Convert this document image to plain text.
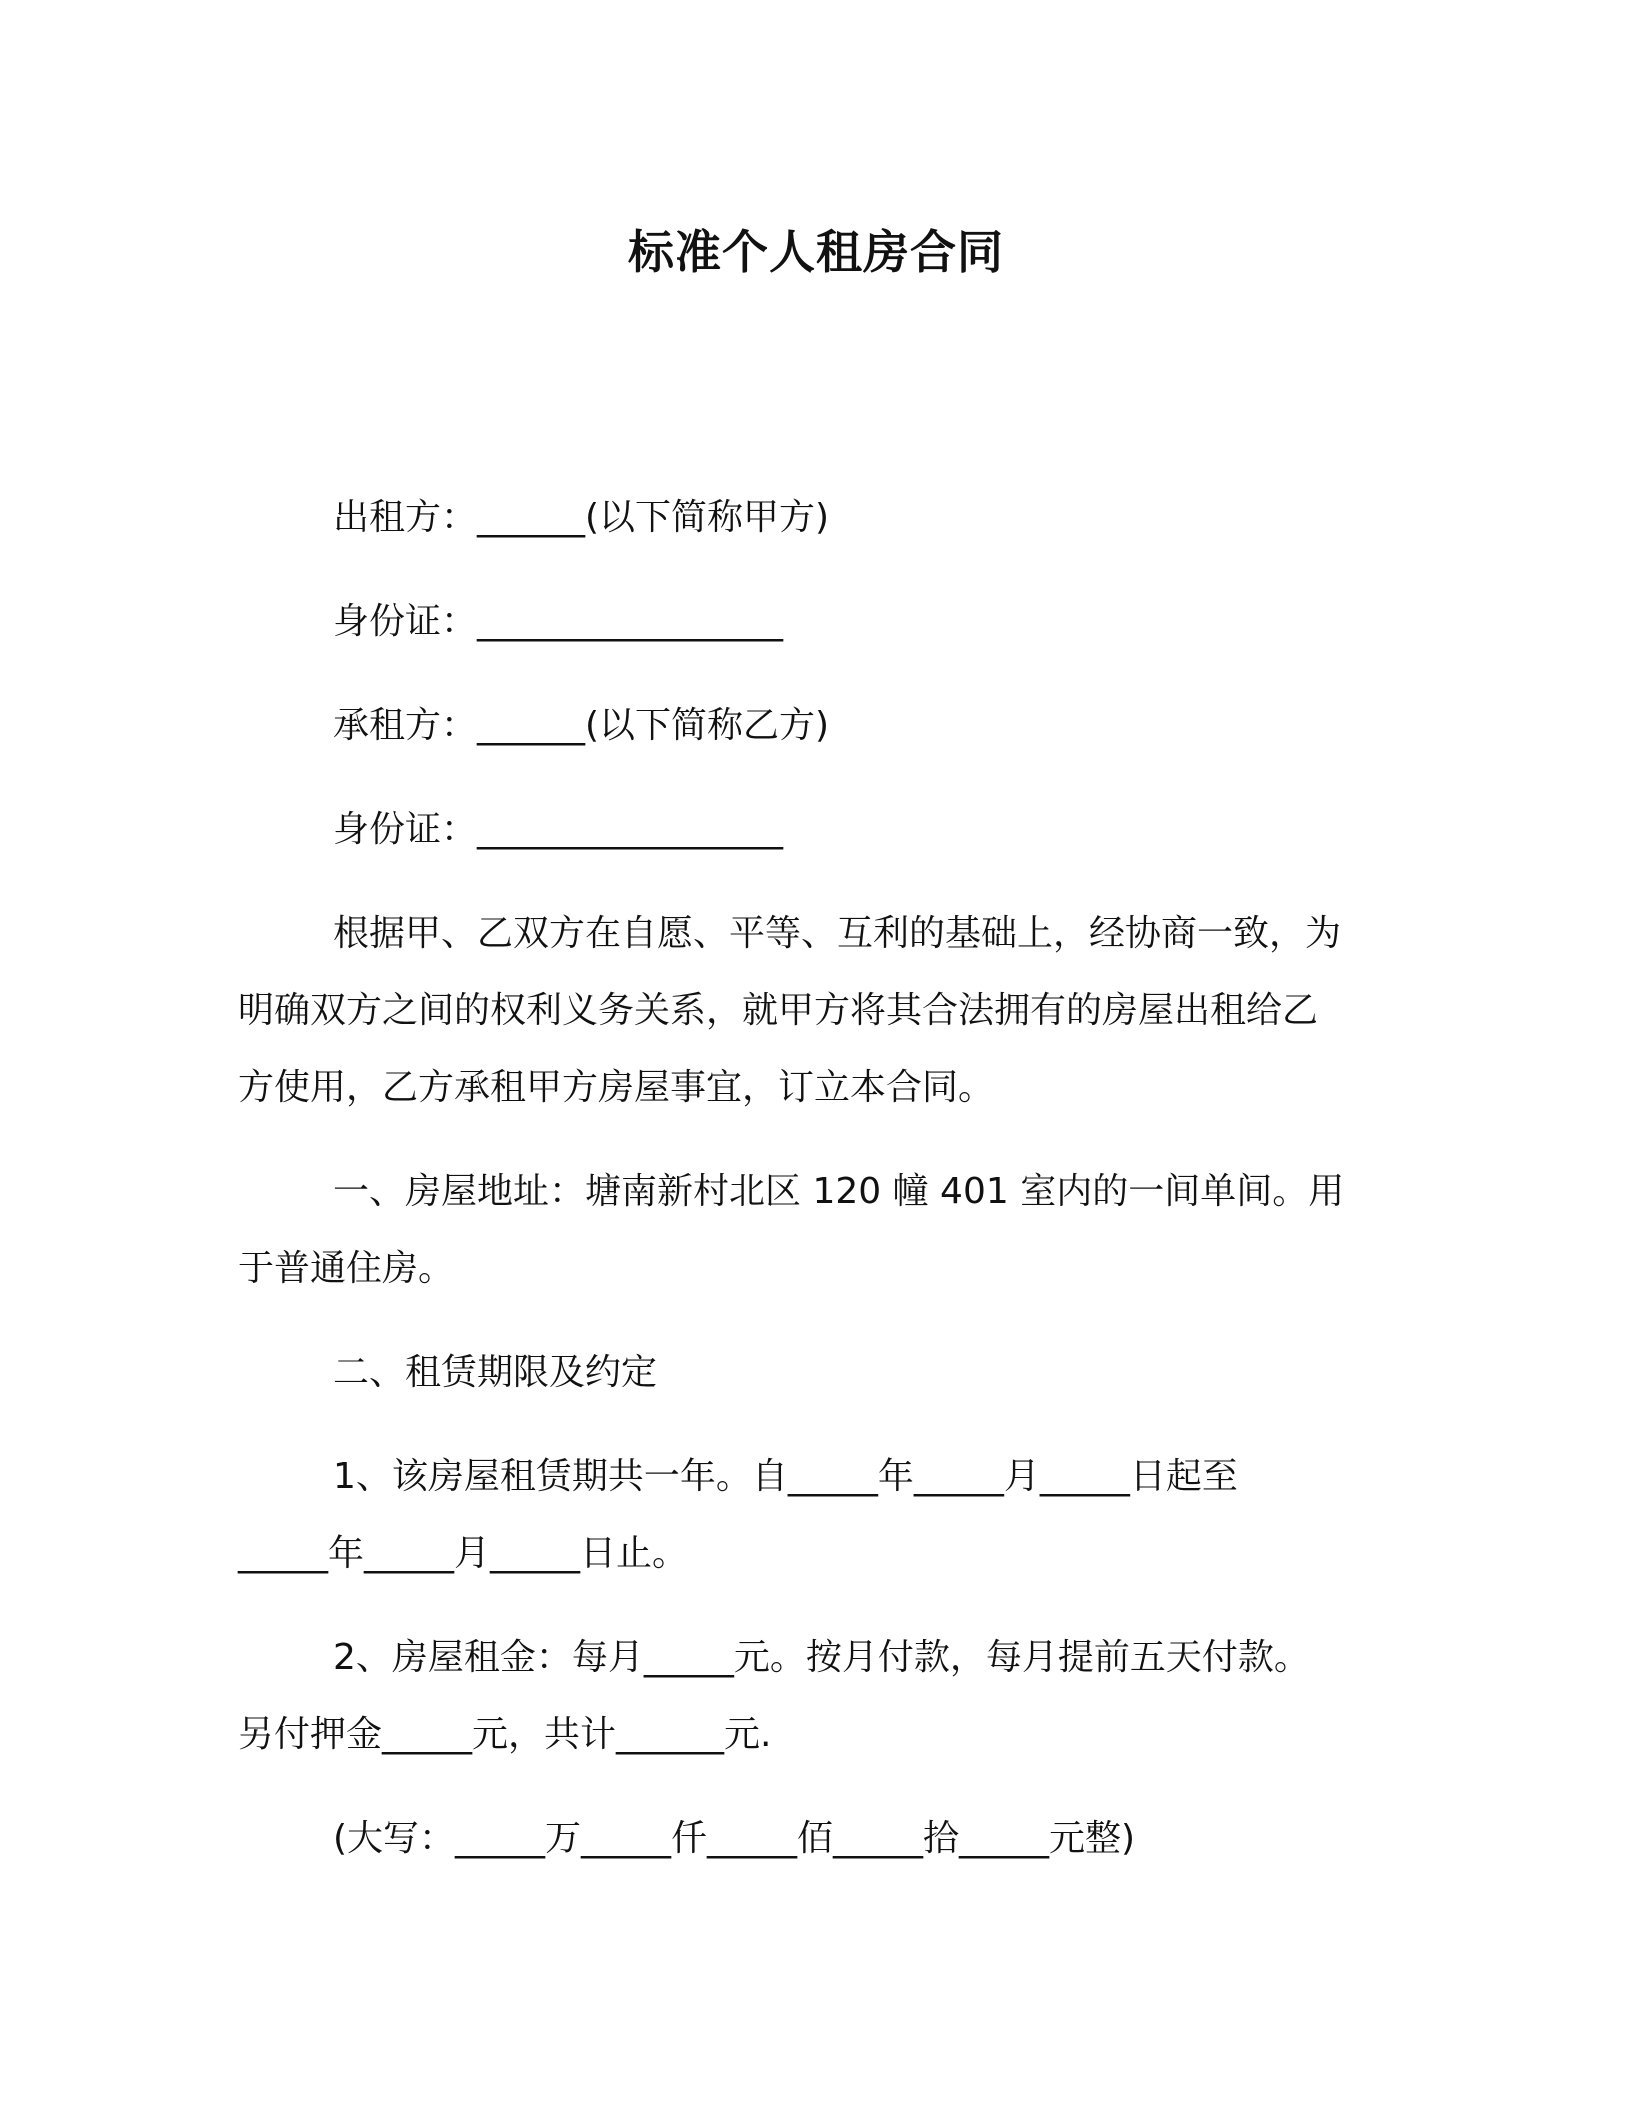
标准个人租房合同
出租方：______(以下简称甲方)
身份证：_________________
承租方：______(以下简称乙方)
身份证：_________________
根据甲、乙双方在自愿、平等、互利的基础上，经协商一致，为
明确双方之间的权利义务关系，就甲方将其合法拥有的房屋出租给乙
方使用，乙方承租甲方房屋事宜，订立本合同。
一、房屋地址：塘南新村北区 120 幢 401 室内的一间单间。用
于普通住房。
二、租赁期限及约定
1、该房屋租赁期共一年。自_____年_____月_____日起至
_____年_____月_____日止。
2、房屋租金：每月_____元。按月付款，每月提前五天付款。
另付押金_____元，共计______元.
(大写：_____万_____仟_____佰_____拾_____元整)
